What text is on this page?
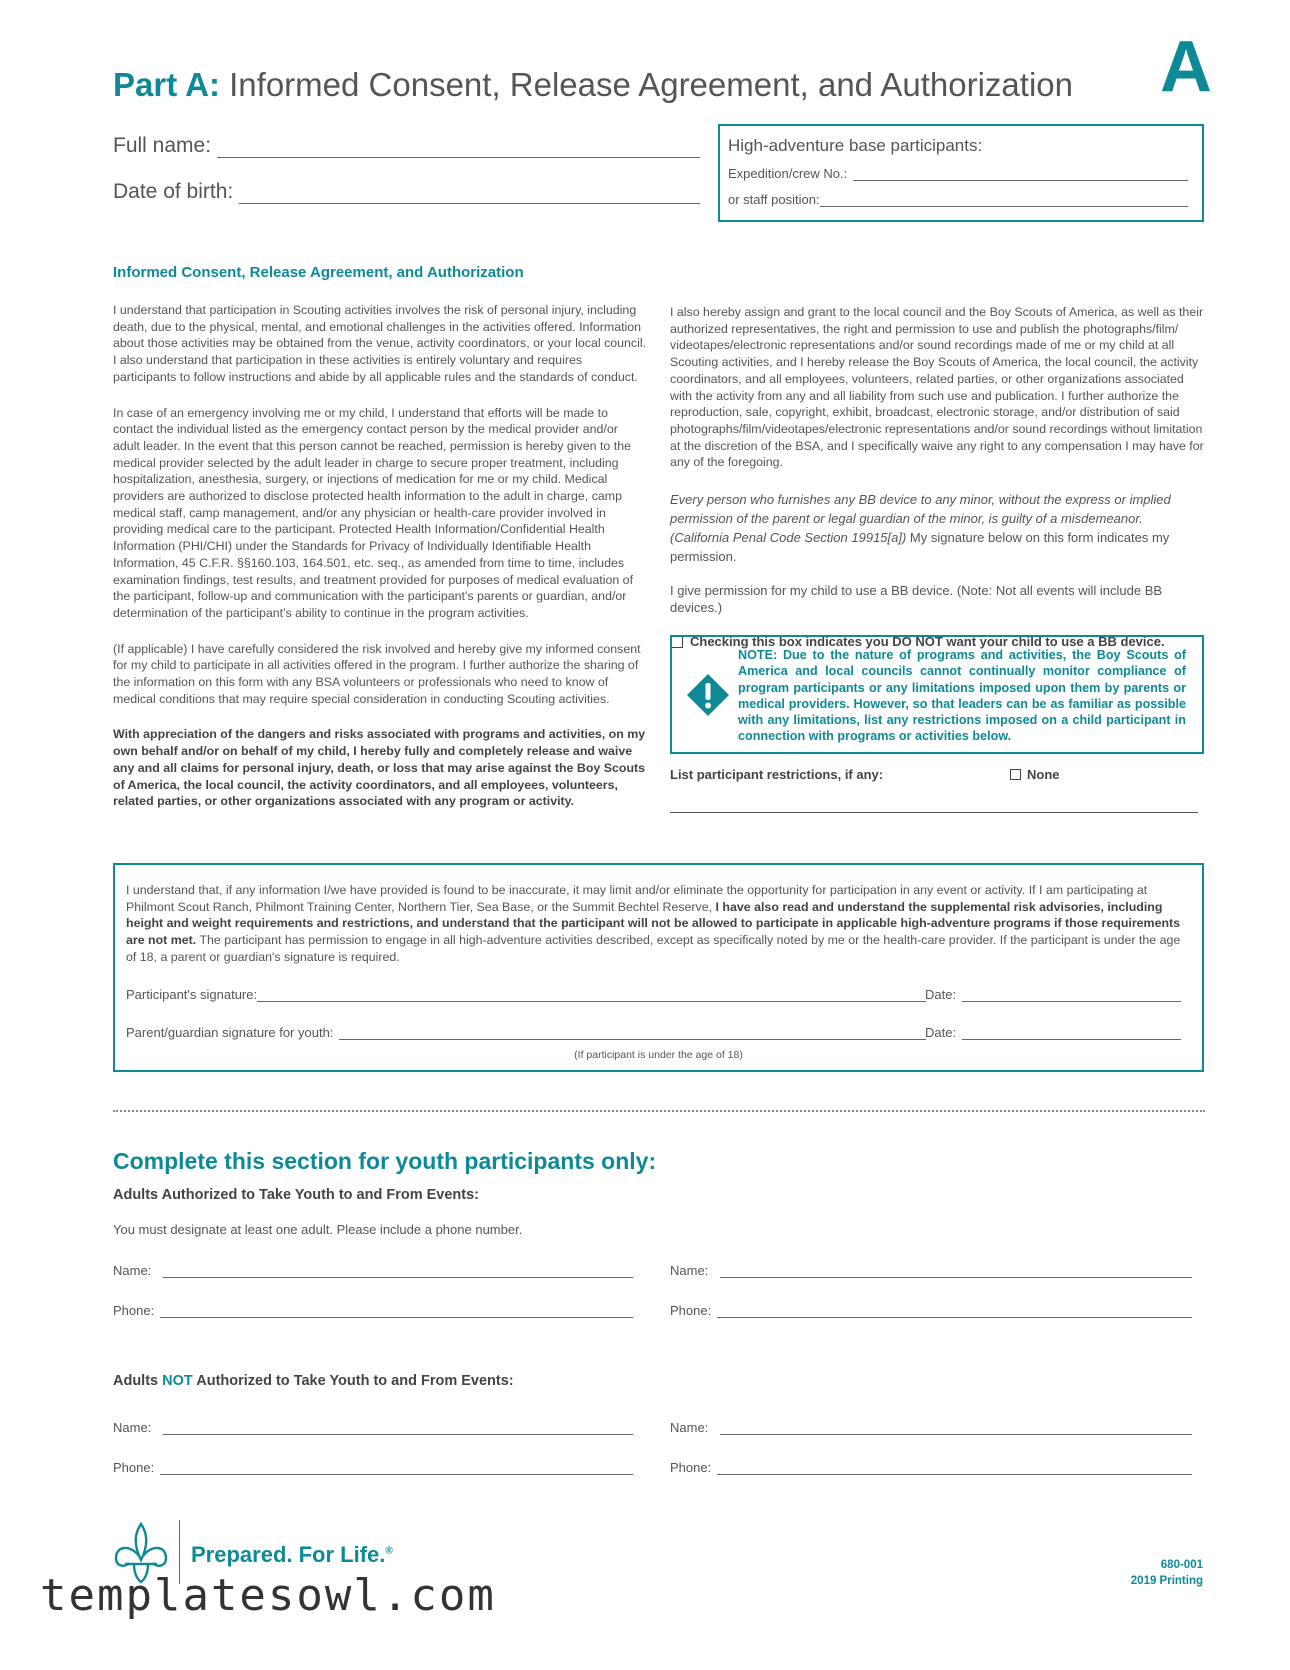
Part A: Informed Consent, Release Agreement, and Authorization A
Full name:
Date of birth:
High-adventure base participants:
Expedition/crew No.:
or staff position:
Informed Consent, Release Agreement, and Authorization

I understand that participation in Scouting activities involves the risk of personal injury, including death, due to the physical, mental, and emotional challenges in the activities offered. Information about those activities may be obtained from the venue, activity coordinators, or your local council. I also understand that participation in these activities is entirely voluntary and requires participants to follow instructions and abide by all applicable rules and the standards of conduct.

In case of an emergency involving me or my child, I understand that efforts will be made to contact the individual listed as the emergency contact person by the medical provider and/or adult leader. In the event that this person cannot be reached, permission is hereby given to the medical provider selected by the adult leader in charge to secure proper treatment, including hospitalization, anesthesia, surgery, or injections of medication for me or my child. Medical providers are authorized to disclose protected health information to the adult in charge, camp medical staff, camp management, and/or any physician or health-care provider involved in providing medical care to the participant. Protected Health Information/Confidential Health Information (PHI/CHI) under the Standards for Privacy of Individually Identifiable Health Information, 45 C.F.R. §§160.103, 164.501, etc. seq., as amended from time to time, includes examination findings, test results, and treatment provided for purposes of medical evaluation of the participant, follow-up and communication with the participant's parents or guardian, and/or determination of the participant's ability to continue in the program activities.

(If applicable) I have carefully considered the risk involved and hereby give my informed consent for my child to participate in all activities offered in the program. I further authorize the sharing of the information on this form with any BSA volunteers or professionals who need to know of medical conditions that may require special consideration in conducting Scouting activities.

With appreciation of the dangers and risks associated with programs and activities, on my own behalf and/or on behalf of my child, I hereby fully and completely release and waive any and all claims for personal injury, death, or loss that may arise against the Boy Scouts of America, the local council, the activity coordinators, and all employees, volunteers, related parties, or other organizations associated with any program or activity.

I also hereby assign and grant to the local council and the Boy Scouts of America, as well as their authorized representatives, the right and permission to use and publish the photographs/film/ videotapes/electronic representations and/or sound recordings made of me or my child at all Scouting activities, and I hereby release the Boy Scouts of America, the local council, the activity coordinators, and all employees, volunteers, related parties, or other organizations associated with the activity from any and all liability from such use and publication. I further authorize the reproduction, sale, copyright, exhibit, broadcast, electronic storage, and/or distribution of said photographs/film/videotapes/electronic representations and/or sound recordings without limitation at the discretion of the BSA, and I specifically waive any right to any compensation I may have for any of the foregoing.

Every person who furnishes any BB device to any minor, without the express or implied permission of the parent or legal guardian of the minor, is guilty of a misdemeanor. (California Penal Code Section 19915[a]) My signature below on this form indicates my permission.

I give permission for my child to use a BB device. (Note: Not all events will include BB devices.)

Checking this box indicates you DO NOT want your child to use a BB device.
NOTE: Due to the nature of programs and activities, the Boy Scouts of America and local councils cannot continually monitor compliance of program participants or any limitations imposed upon them by parents or medical providers. However, so that leaders can be as familiar as possible with any limitations, list any restrictions imposed on a child participant in connection with programs or activities below.
List participant restrictions, if any:	None

I understand that, if any information I/we have provided is found to be inaccurate, it may limit and/or eliminate the opportunity for participation in any event or activity. If I am participating at Philmont Scout Ranch, Philmont Training Center, Northern Tier, Sea Base, or the Summit Bechtel Reserve, I have also read and understand the supplemental risk advisories, including height and weight requirements and restrictions, and understand that the participant will not be allowed to participate in applicable high-adventure programs if those requirements are not met. The participant has permission to engage in all high-adventure activities described, except as specifically noted by me or the health-care provider. If the participant is under the age of 18, a parent or guardian's signature is required.

Participant's signature:	Date:
Parent/guardian signature for youth:	Date:
(If participant is under the age of 18)
Complete this section for youth participants only:
Adults Authorized to Take Youth to and From Events:
You must designate at least one adult. Please include a phone number.
Name:
Phone:
Name:
Phone:
Adults NOT Authorized to Take Youth to and From Events:
Name:
Phone:
Name:
Phone:
Prepared. For Life.®
680-001
2019 Printing
templatesowl.com
